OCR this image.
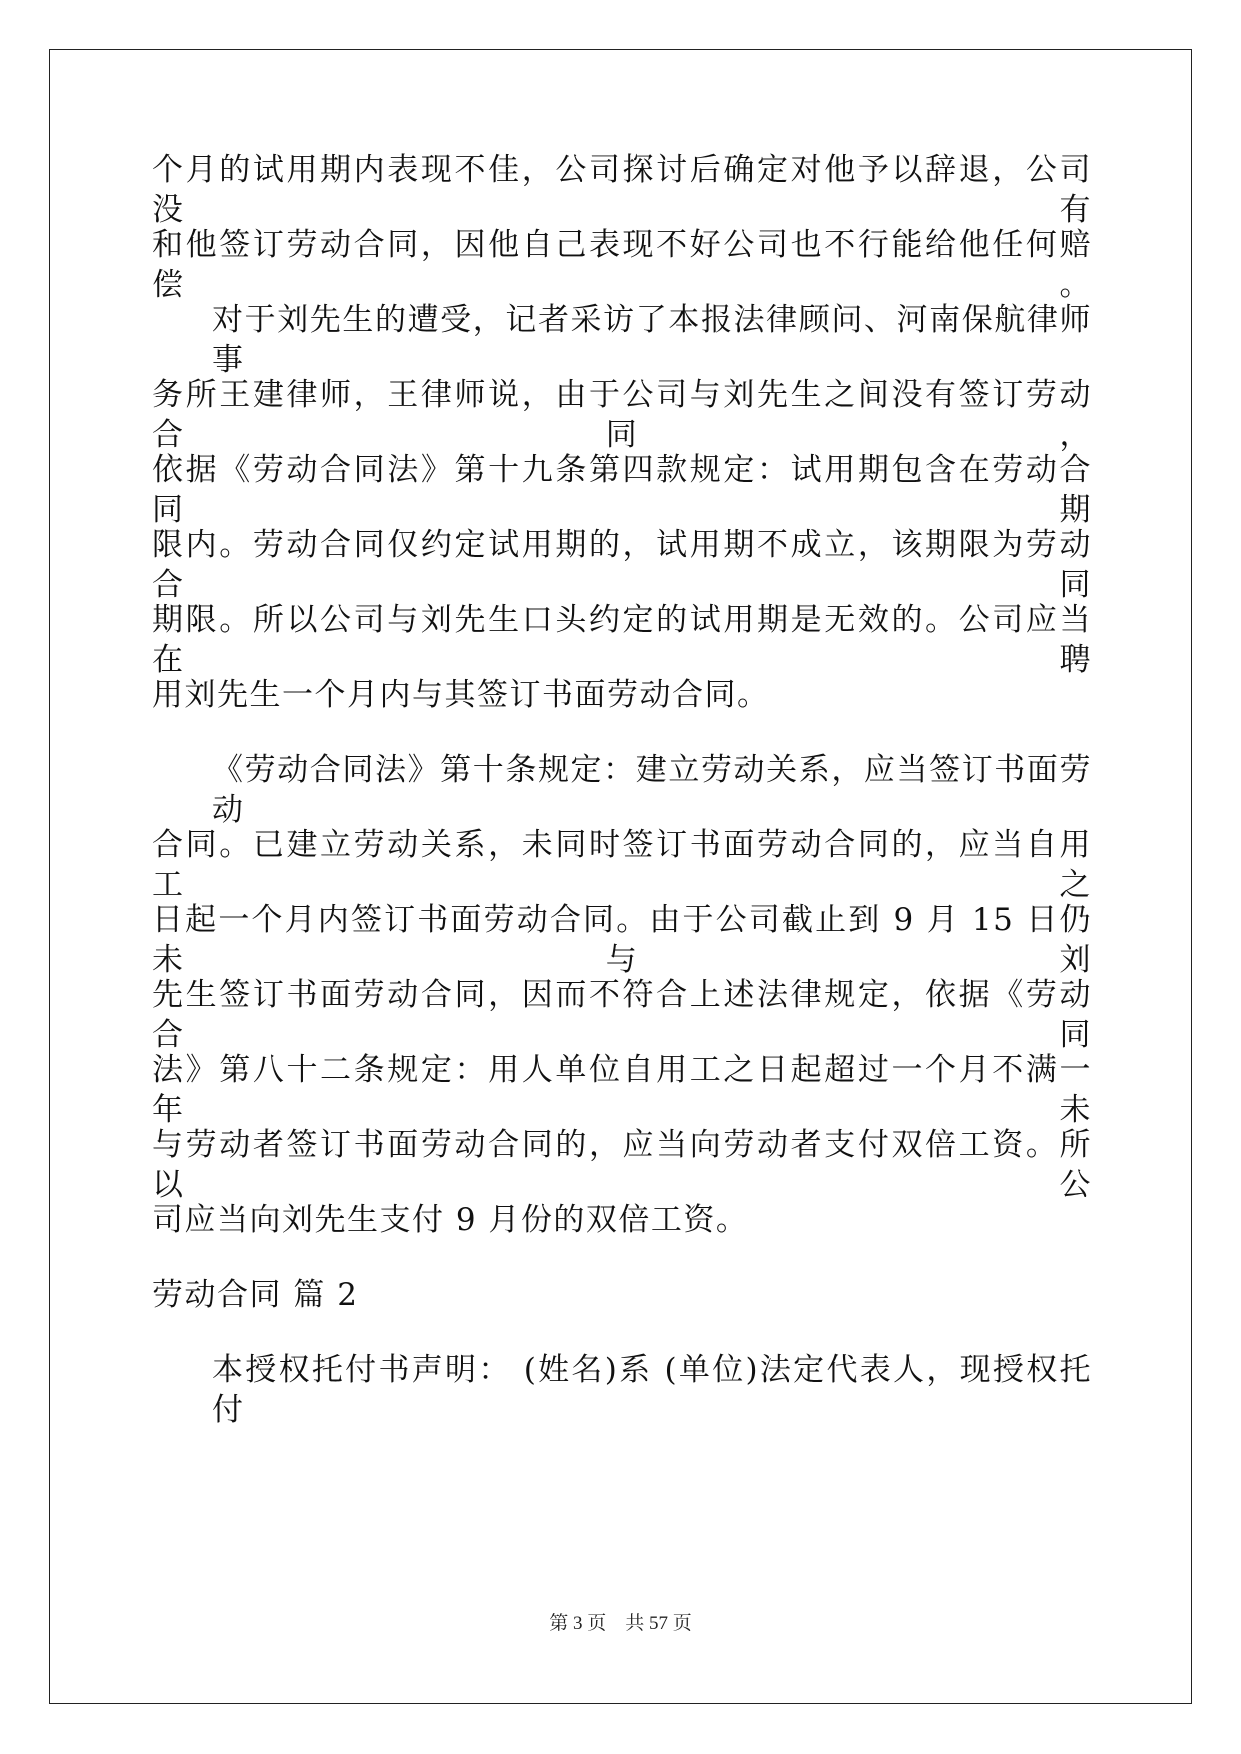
个月的试用期内表现不佳，公司探讨后确定对他予以辞退，公司没有
和他签订劳动合同，因他自己表现不好公司也不行能给他任何赔偿。
对于刘先生的遭受，记者采访了本报法律顾问、河南保航律师事
务所王建律师，王律师说，由于公司与刘先生之间没有签订劳动合同，
依据《劳动合同法》第十九条第四款规定：试用期包含在劳动合同期
限内。劳动合同仅约定试用期的，试用期不成立，该期限为劳动合同
期限。所以公司与刘先生口头约定的试用期是无效的。公司应当在聘
用刘先生一个月内与其签订书面劳动合同。
《劳动合同法》第十条规定：建立劳动关系，应当签订书面劳动
合同。已建立劳动关系，未同时签订书面劳动合同的，应当自用工之
日起一个月内签订书面劳动合同。由于公司截止到 9 月 15 日仍未与刘
先生签订书面劳动合同，因而不符合上述法律规定，依据《劳动合同
法》第八十二条规定：用人单位自用工之日起超过一个月不满一年未
与劳动者签订书面劳动合同的，应当向劳动者支付双倍工资。所以公
司应当向刘先生支付 9 月份的双倍工资。
劳动合同 篇 2
本授权托付书声明： (姓名)系 (单位)法定代表人，现授权托付
第 3 页    共 57 页
